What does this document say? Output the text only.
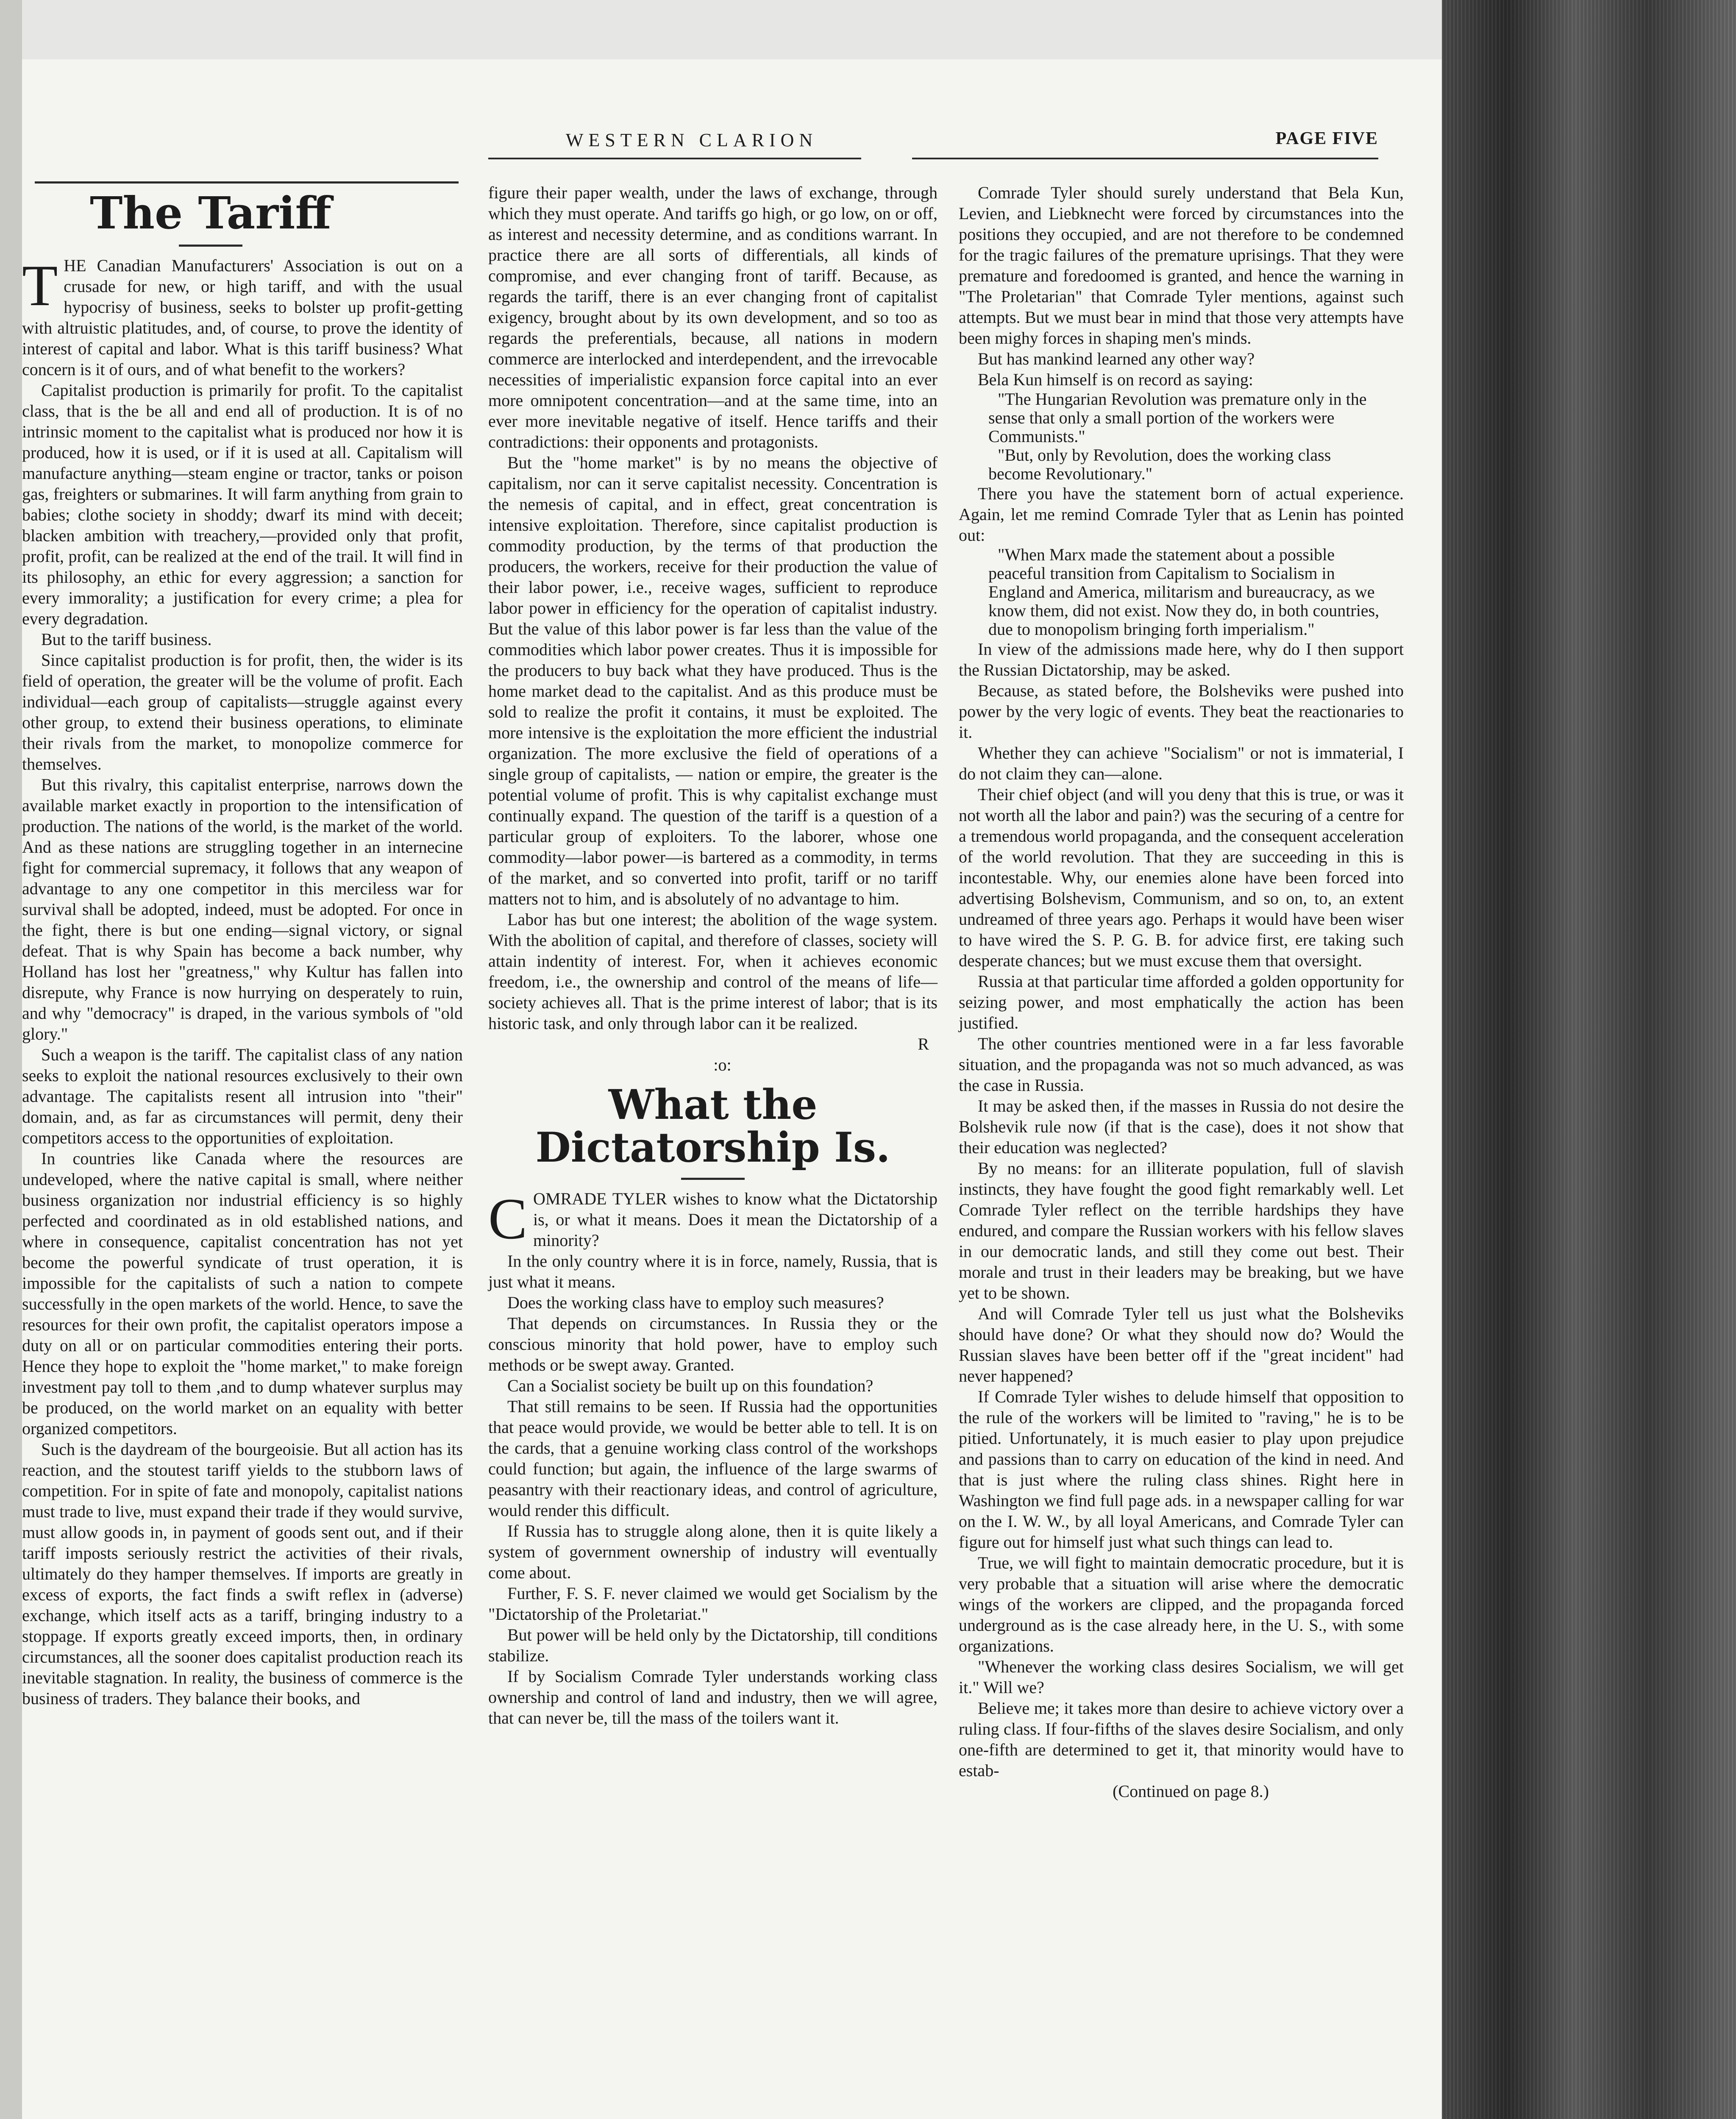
WESTERN CLARION	PAGE FIVE
The Tariff

THE Canadian Manufacturers' Association is out on a crusade for new, or high tariff, and with the usual hypocrisy of business, seeks to bolster up profit-getting with altruistic platitudes, and, of course, to prove the identity of interest of capital and labor. What is this tariff business? What concern is it of ours, and of what benefit to the workers?

Capitalist production is primarily for profit. To the capitalist class, that is the be all and end all of production. It is of no intrinsic moment to the capitalist what is produced nor how it is produced, how it is used, or if it is used at all. Capitalism will manufacture anything—steam engine or tractor, tanks or poison gas, freighters or submarines. It will farm anything from grain to babies; clothe society in shoddy; dwarf its mind with deceit; blacken ambition with treachery,—provided only that profit, profit, profit, can be realized at the end of the trail. It will find in its philosophy, an ethic for every aggression; a sanction for every immorality; a justification for every crime; a plea for every degradation.

But to the tariff business.

Since capitalist production is for profit, then, the wider is its field of operation, the greater will be the volume of profit. Each individual—each group of capitalists—struggle against every other group, to extend their business operations, to eliminate their rivals from the market, to monopolize commerce for themselves.

But this rivalry, this capitalist enterprise, narrows down the available market exactly in proportion to the intensification of production. The nations of the world, is the market of the world. And as these nations are struggling together in an internecine fight for commercial supremacy, it follows that any weapon of advantage to any one competitor in this merciless war for survival shall be adopted, indeed, must be adopted. For once in the fight, there is but one ending—signal victory, or signal defeat. That is why Spain has become a back number, why Holland has lost her "greatness," why Kultur has fallen into disrepute, why France is now hurrying on desperately to ruin, and why "democracy" is draped, in the various symbols of "old glory."

Such a weapon is the tariff. The capitalist class of any nation seeks to exploit the national resources exclusively to their own advantage. The capitalists resent all intrusion into "their" domain, and, as far as circumstances will permit, deny their competitors access to the opportunities of exploitation.

In countries like Canada where the resources are undeveloped, where the native capital is small, where neither business organization nor industrial efficiency is so highly perfected and coordinated as in old established nations, and where in consequence, capitalist concentration has not yet become the powerful syndicate of trust operation, it is impossible for the capitalists of such a nation to compete successfully in the open markets of the world. Hence, to save the resources for their own profit, the capitalist operators impose a duty on all or on particular commodities entering their ports. Hence they hope to exploit the "home market," to make foreign investment pay toll to them ,and to dump whatever surplus may be produced, on the world market on an equality with better organized competitors.

Such is the daydream of the bourgeoisie. But all action has its reaction, and the stoutest tariff yields to the stubborn laws of competition. For in spite of fate and monopoly, capitalist nations must trade to live, must expand their trade if they would survive, must allow goods in, in payment of goods sent out, and if their tariff imposts seriously restrict the activities of their rivals, ultimately do they hamper themselves. If imports are greatly in excess of exports, the fact finds a swift reflex in (adverse) exchange, which itself acts as a tariff, bringing industry to a stoppage. If exports greatly exceed imports, then, in ordinary circumstances, all the sooner does capitalist production reach its inevitable stagnation. In reality, the business of commerce is the business of traders. They balance their books, and

figure their paper wealth, under the laws of exchange, through which they must operate. And tariffs go high, or go low, on or off, as interest and necessity determine, and as conditions warrant. In practice there are all sorts of differentials, all kinds of compromise, and ever changing front of tariff. Because, as regards the tariff, there is an ever changing front of capitalist exigency, brought about by its own development, and so too as regards the preferentials, because, all nations in modern commerce are interlocked and interdependent, and the irrevocable necessities of imperialistic expansion force capital into an ever more omnipotent concentration—and at the same time, into an ever more inevitable negative of itself. Hence tariffs and their contradictions: their opponents and protagonists.

But the "home market" is by no means the objective of capitalism, nor can it serve capitalist necessity. Concentration is the nemesis of capital, and in effect, great concentration is intensive exploitation. Therefore, since capitalist production is commodity production, by the terms of that production the producers, the workers, receive for their production the value of their labor power, i.e., receive wages, sufficient to reproduce labor power in efficiency for the operation of capitalist industry. But the value of this labor power is far less than the value of the commodities which labor power creates. Thus it is impossible for the producers to buy back what they have produced. Thus is the home market dead to the capitalist. And as this produce must be sold to realize the profit it contains, it must be exploited. The more intensive is the exploitation the more efficient the industrial organization. The more exclusive the field of operations of a single group of capitalists, — nation or empire, the greater is the potential volume of profit. This is why capitalist exchange must continually expand. The question of the tariff is a question of a particular group of exploiters. To the laborer, whose one commodity—labor power—is bartered as a commodity, in terms of the market, and so converted into profit, tariff or no tariff matters not to him, and is absolutely of no advantage to him.

Labor has but one interest; the abolition of the wage system. With the abolition of capital, and therefore of classes, society will attain indentity of interest. For, when it achieves economic freedom, i.e., the ownership and control of the means of life—society achieves all. That is the prime interest of labor; that is its historic task, and only through labor can it be realized.

R

:o:

What the Dictatorship Is.

COMRADE TYLER wishes to know what the Dictatorship is, or what it means. Does it mean the Dictatorship of a minority?

In the only country where it is in force, namely, Russia, that is just what it means.

Does the working class have to employ such measures?

That depends on circumstances. In Russia they or the conscious minority that hold power, have to employ such methods or be swept away. Granted.

Can a Socialist society be built up on this foundation?

That still remains to be seen. If Russia had the opportunities that peace would provide, we would be better able to tell. It is on the cards, that a genuine working class control of the workshops could function; but again, the influence of the large swarms of peasantry with their reactionary ideas, and control of agriculture, would render this difficult.

If Russia has to struggle along alone, then it is quite likely a system of government ownership of industry will eventually come about.

Further, F. S. F. never claimed we would get Socialism by the "Dictatorship of the Proletariat."

But power will be held only by the Dictatorship, till conditions stabilize.

If by Socialism Comrade Tyler understands working class ownership and control of land and industry, then we will agree, that can never be, till the mass of the toilers want it.

Comrade Tyler should surely understand that Bela Kun, Levien, and Liebknecht were forced by circumstances into the positions they occupied, and are not therefore to be condemned for the tragic failures of the premature uprisings. That they were premature and foredoomed is granted, and hence the warning in "The Proletarian" that Comrade Tyler mentions, against such attempts. But we must bear in mind that those very attempts have been mighy forces in shaping men's minds.

But has mankind learned any other way?

Bela Kun himself is on record as saying:

"The Hungarian Revolution was premature only in the sense that only a small portion of the workers were Communists."

"But, only by Revolution, does the working class become Revolutionary."

There you have the statement born of actual experience. Again, let me remind Comrade Tyler that as Lenin has pointed out:

"When Marx made the statement about a possible peaceful transition from Capitalism to Socialism in England and America, militarism and bureaucracy, as we know them, did not exist. Now they do, in both countries, due to monopolism bringing forth imperialism."

In view of the admissions made here, why do I then support the Russian Dictatorship, may be asked.

Because, as stated before, the Bolsheviks were pushed into power by the very logic of events. They beat the reactionaries to it.

Whether they can achieve "Socialism" or not is immaterial, I do not claim they can—alone.

Their chief object (and will you deny that this is true, or was it not worth all the labor and pain?) was the securing of a centre for a tremendous world propaganda, and the consequent acceleration of the world revolution. That they are succeeding in this is incontestable. Why, our enemies alone have been forced into advertising Bolshevism, Communism, and so on, to, an extent undreamed of three years ago. Perhaps it would have been wiser to have wired the S. P. G. B. for advice first, ere taking such desperate chances; but we must excuse them that oversight.

Russia at that particular time afforded a golden opportunity for seizing power, and most emphatically the action has been justified.

The other countries mentioned were in a far less favorable situation, and the propaganda was not so much advanced, as was the case in Russia.

It may be asked then, if the masses in Russia do not desire the Bolshevik rule now (if that is the case), does it not show that their education was neglected?

By no means: for an illiterate population, full of slavish instincts, they have fought the good fight remarkably well. Let Comrade Tyler reflect on the terrible hardships they have endured, and compare the Russian workers with his fellow slaves in our democratic lands, and still they come out best. Their morale and trust in their leaders may be breaking, but we have yet to be shown.

And will Comrade Tyler tell us just what the Bolsheviks should have done? Or what they should now do? Would the Russian slaves have been better off if the "great incident" had never happened?

If Comrade Tyler wishes to delude himself that opposition to the rule of the workers will be limited to "raving," he is to be pitied. Unfortunately, it is much easier to play upon prejudice and passions than to carry on education of the kind in need. And that is just where the ruling class shines. Right here in Washington we find full page ads. in a newspaper calling for war on the I. W. W., by all loyal Americans, and Comrade Tyler can figure out for himself just what such things can lead to.

True, we will fight to maintain democratic procedure, but it is very probable that a situation will arise where the democratic wings of the workers are clipped, and the propaganda forced underground as is the case already here, in the U. S., with some organizations.

"Whenever the working class desires Socialism, we will get it." Will we?

Believe me; it takes more than desire to achieve victory over a ruling class. If four-fifths of the slaves desire Socialism, and only one-fifth are determined to get it, that minority would have to estab-

(Continued on page 8.)
